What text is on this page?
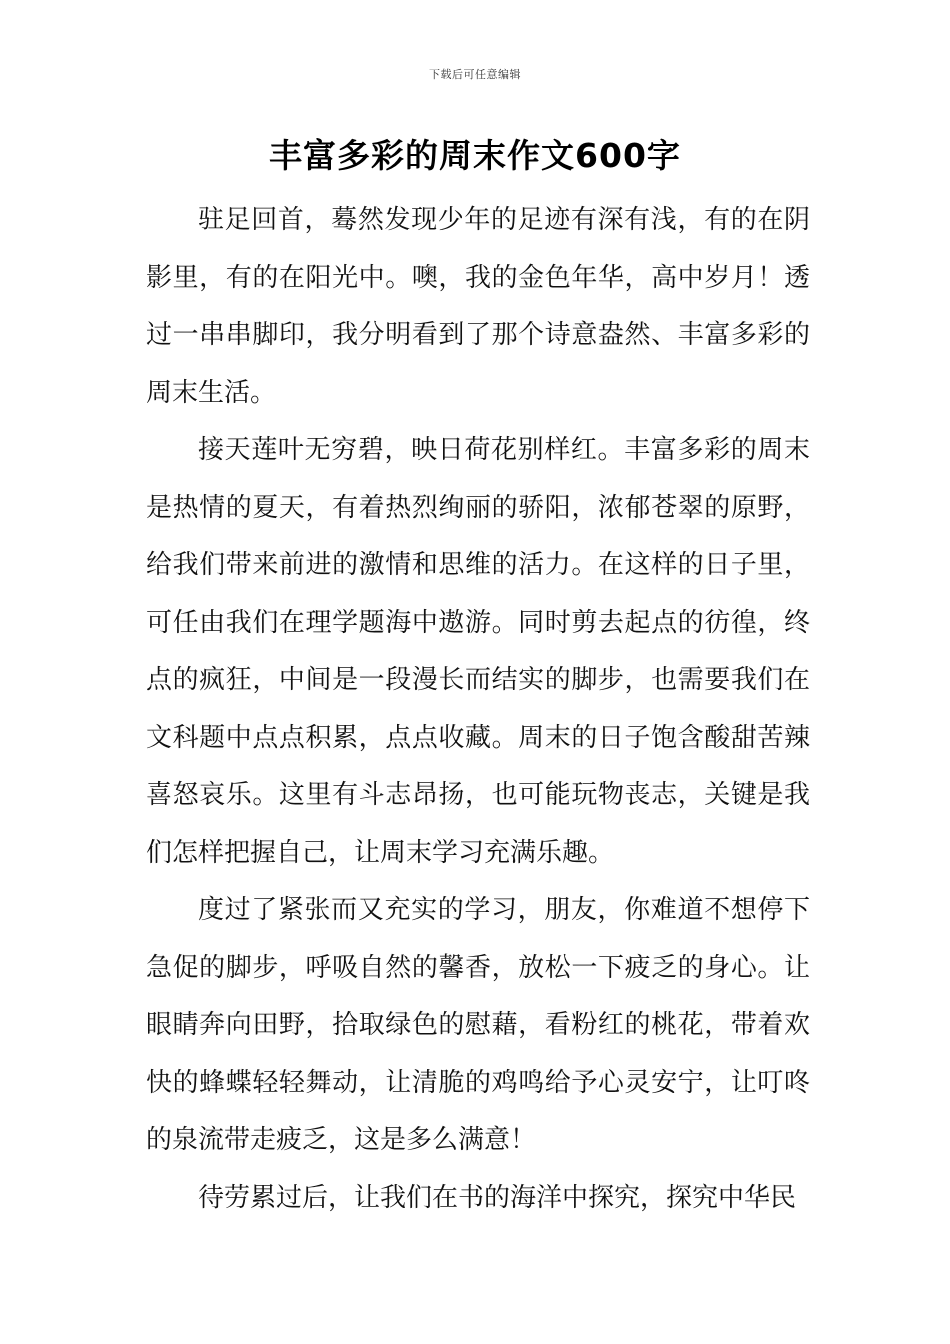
下载后可任意编辑
丰富多彩的周末作文600字

驻足回首，蓦然发现少年的足迹有深有浅，有的在阴影里，有的在阳光中。噢，我的金色年华，高中岁月！透过一串串脚印，我分明看到了那个诗意盎然、丰富多彩的周末生活。

接天莲叶无穷碧，映日荷花别样红。丰富多彩的周末是热情的夏天，有着热烈绚丽的骄阳，浓郁苍翠的原野，给我们带来前进的激情和思维的活力。在这样的日子里，可任由我们在理学题海中遨游。同时剪去起点的彷徨，终点的疯狂，中间是一段漫长而结实的脚步，也需要我们在文科题中点点积累，点点收藏。周末的日子饱含酸甜苦辣喜怒哀乐。这里有斗志昂扬，也可能玩物丧志，关键是我们怎样把握自己，让周末学习充满乐趣。

度过了紧张而又充实的学习，朋友，你难道不想停下急促的脚步，呼吸自然的馨香，放松一下疲乏的身心。让眼睛奔向田野，拾取绿色的慰藉，看粉红的桃花，带着欢快的蜂蝶轻轻舞动，让清脆的鸡鸣给予心灵安宁，让叮咚的泉流带走疲乏，这是多么满意！

待劳累过后，让我们在书的海洋中探究，探究中华民
